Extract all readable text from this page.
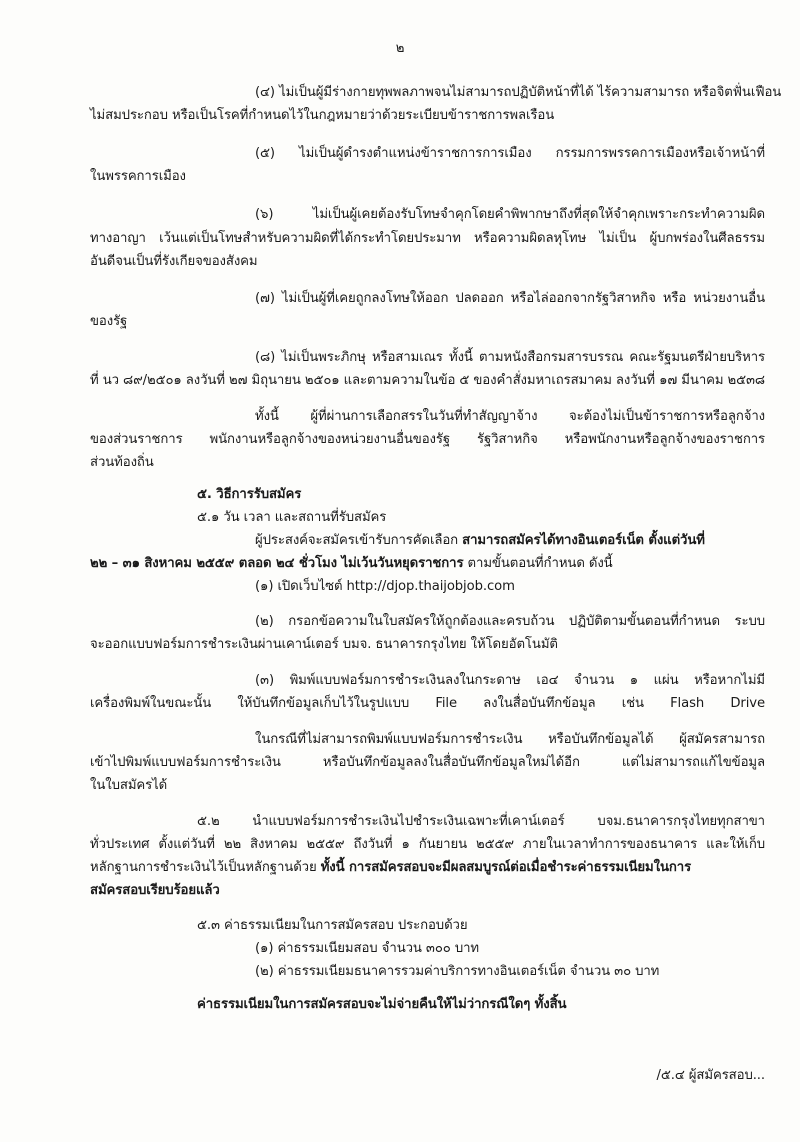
๒
(๔) ไม่เป็นผู้มีร่างกายทุพพลภาพจนไม่สามารถปฏิบัติหน้าที่ได้ ไร้ความสามารถ หรือจิตฟั่นเฟือน
ไม่สมประกอบ หรือเป็นโรคที่กำหนดไว้ในกฎหมายว่าด้วยระเบียบข้าราชการพลเรือน
(๕) ไม่เป็นผู้ดำรงตำแหน่งข้าราชการการเมือง กรรมการพรรคการเมืองหรือเจ้าหน้าที่
ในพรรคการเมือง
(๖) ไม่เป็นผู้เคยต้องรับโทษจำคุกโดยคำพิพากษาถึงที่สุดให้จำคุกเพราะกระทำความผิด
ทางอาญา เว้นแต่เป็นโทษสำหรับความผิดที่ได้กระทำโดยประมาท หรือความผิดลหุโทษ ไม่เป็น ผู้บกพร่องในศีลธรรม
อันดีจนเป็นที่รังเกียจของสังคม
(๗) ไม่เป็นผู้ที่เคยถูกลงโทษให้ออก ปลดออก หรือไล่ออกจากรัฐวิสาหกิจ หรือ หน่วยงานอื่น
ของรัฐ
(๘) ไม่เป็นพระภิกษุ หรือสามเณร ทั้งนี้ ตามหนังสือกรมสารบรรณ คณะรัฐมนตรีฝ่ายบริหาร
ที่ นว ๘๙/๒๕๐๑ ลงวันที่ ๒๗ มิถุนายน ๒๕๐๑ และตามความในข้อ ๕ ของคำสั่งมหาเถรสมาคม ลงวันที่ ๑๗ มีนาคม ๒๕๓๘
ทั้งนี้ ผู้ที่ผ่านการเลือกสรรในวันที่ทำสัญญาจ้าง จะต้องไม่เป็นข้าราชการหรือลูกจ้าง
ของส่วนราชการ พนักงานหรือลูกจ้างของหน่วยงานอื่นของรัฐ รัฐวิสาหกิจ หรือพนักงานหรือลูกจ้างของราชการ
ส่วนท้องถิ่น
๕. วิธีการรับสมัคร
๕.๑ วัน เวลา และสถานที่รับสมัคร
ผู้ประสงค์จะสมัครเข้ารับการคัดเลือก สามารถสมัครได้ทางอินเตอร์เน็ต ตั้งแต่วันที่
๒๒ – ๓๑ สิงหาคม ๒๕๕๙ ตลอด ๒๔ ชั่วโมง ไม่เว้นวันหยุดราชการ ตามขั้นตอนที่กำหนด ดังนี้
(๑) เปิดเว็บไซต์ http://djop.thaijobjob.com
(๒) กรอกข้อความในใบสมัครให้ถูกต้องและครบถ้วน ปฏิบัติตามขั้นตอนที่กำหนด ระบบ
จะออกแบบฟอร์มการชำระเงินผ่านเคาน์เตอร์ บมจ. ธนาคารกรุงไทย ให้โดยอัตโนมัติ
(๓) พิมพ์แบบฟอร์มการชำระเงินลงในกระดาษ เอ๔ จำนวน ๑ แผ่น หรือหากไม่มี
เครื่องพิมพ์ในขณะนั้น ให้บันทึกข้อมูลเก็บไว้ในรูปแบบ File ลงในสื่อบันทึกข้อมูล เช่น Flash Drive
ในกรณีที่ไม่สามารถพิมพ์แบบฟอร์มการชำระเงิน หรือบันทึกข้อมูลได้ ผู้สมัครสามารถ
เข้าไปพิมพ์แบบฟอร์มการชำระเงิน หรือบันทึกข้อมูลลงในสื่อบันทึกข้อมูลใหม่ได้อีก แต่ไม่สามารถแก้ไขข้อมูล
ในใบสมัครได้
๕.๒ นำแบบฟอร์มการชำระเงินไปชำระเงินเฉพาะที่เคาน์เตอร์ บจม.ธนาคารกรุงไทยทุกสาขา
ทั่วประเทศ ตั้งแต่วันที่ ๒๒ สิงหาคม ๒๕๕๙ ถึงวันที่ ๑ กันยายน ๒๕๕๙ ภายในเวลาทำการของธนาคาร และให้เก็บ
หลักฐานการชำระเงินไว้เป็นหลักฐานด้วย ทั้งนี้ การสมัครสอบจะมีผลสมบูรณ์ต่อเมื่อชำระค่าธรรมเนียมในการ
สมัครสอบเรียบร้อยแล้ว
๕.๓ ค่าธรรมเนียมในการสมัครสอบ ประกอบด้วย
(๑) ค่าธรรมเนียมสอบ จำนวน ๓๐๐ บาท
(๒) ค่าธรรมเนียมธนาคารรวมค่าบริการทางอินเตอร์เน็ต จำนวน ๓๐ บาท
ค่าธรรมเนียมในการสมัครสอบจะไม่จ่ายคืนให้ไม่ว่ากรณีใดๆ ทั้งสิ้น
/๕.๔ ผู้สมัครสอบ...
